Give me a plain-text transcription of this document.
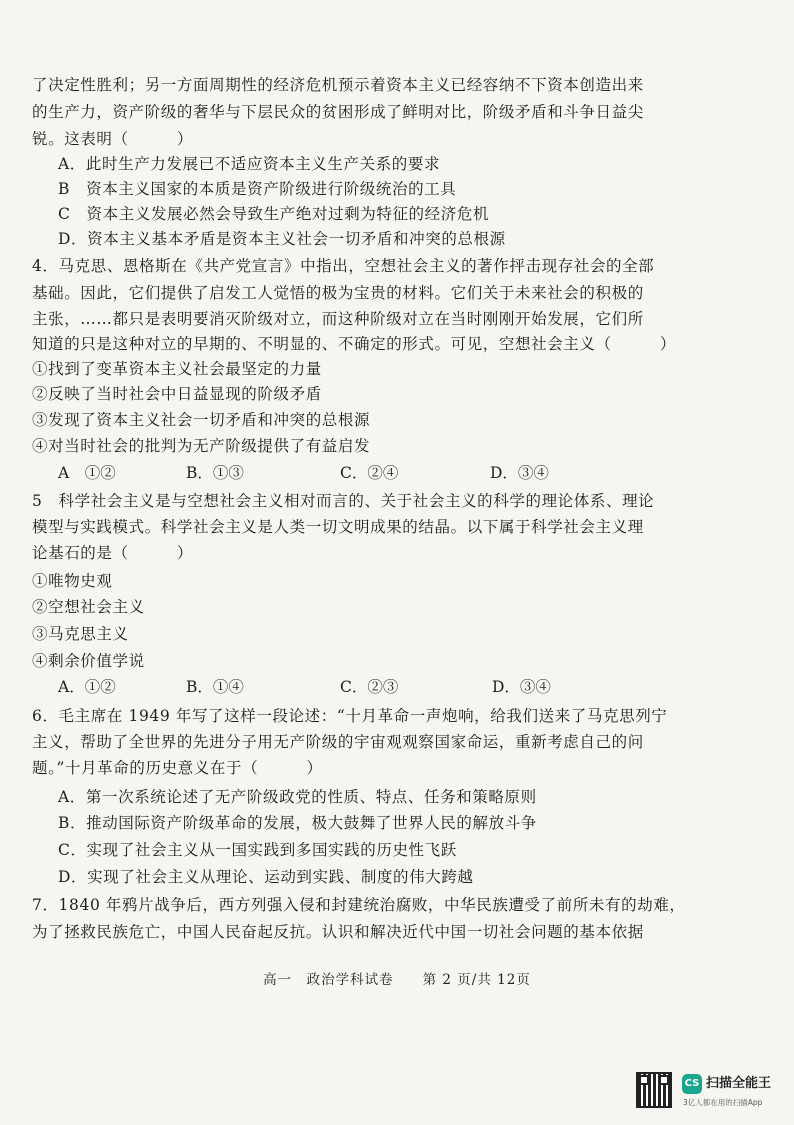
了决定性胜利；另一方面周期性的经济危机预示着资本主义已经容纳不下资本创造出来
的生产力，资产阶级的奢华与下层民众的贫困形成了鲜明对比，阶级矛盾和斗争日益尖
锐。这表明（　　　）
A．此时生产力发展已不适应资本主义生产关系的要求
B　资本主义国家的本质是资产阶级进行阶级统治的工具
C　资本主义发展必然会导致生产绝对过剩为特征的经济危机
D．资本主义基本矛盾是资本主义社会一切矛盾和冲突的总根源
4．马克思、恩格斯在《共产党宣言》中指出，空想社会主义的著作抨击现存社会的全部
基础。因此，它们提供了启发工人觉悟的极为宝贵的材料。它们关于未来社会的积极的
主张，……都只是表明要消灭阶级对立，而这种阶级对立在当时刚刚开始发展，它们所
知道的只是这种对立的早期的、不明显的、不确定的形式。可见，空想社会主义（　　　）
①找到了变革资本主义社会最坚定的力量
②反映了当时社会中日益显现的阶级矛盾
③发现了资本主义社会一切矛盾和冲突的总根源
④对当时社会的批判为无产阶级提供了有益启发
A　①②	B．①③	C．②④	D．③④
5　科学社会主义是与空想社会主义相对而言的、关于社会主义的科学的理论体系、理论
模型与实践模式。科学社会主义是人类一切文明成果的结晶。以下属于科学社会主义理
论基石的是（　　　）
①唯物史观
②空想社会主义
③马克思主义
④剩余价值学说
A．①②	B．①④	C．②③	D．③④
6．毛主席在 1949 年写了这样一段论述：“十月革命一声炮响，给我们送来了马克思列宁
主义，帮助了全世界的先进分子用无产阶级的宇宙观观察国家命运，重新考虑自己的问
题。”十月革命的历史意义在于（　　　）
A．第一次系统论述了无产阶级政党的性质、特点、任务和策略原则
B．推动国际资产阶级革命的发展，极大鼓舞了世界人民的解放斗争
C．实现了社会主义从一国实践到多国实践的历史性飞跃
D．实现了社会主义从理论、运动到实践、制度的伟大跨越
7．1840 年鸦片战争后，西方列强入侵和封建统治腐败，中华民族遭受了前所未有的劫难，
为了拯救民族危亡，中国人民奋起反抗。认识和解决近代中国一切社会问题的基本依据
高一　政治学科试卷　　第 2 页/共 12页
CS 扫描全能王
3亿人都在用的扫描App
